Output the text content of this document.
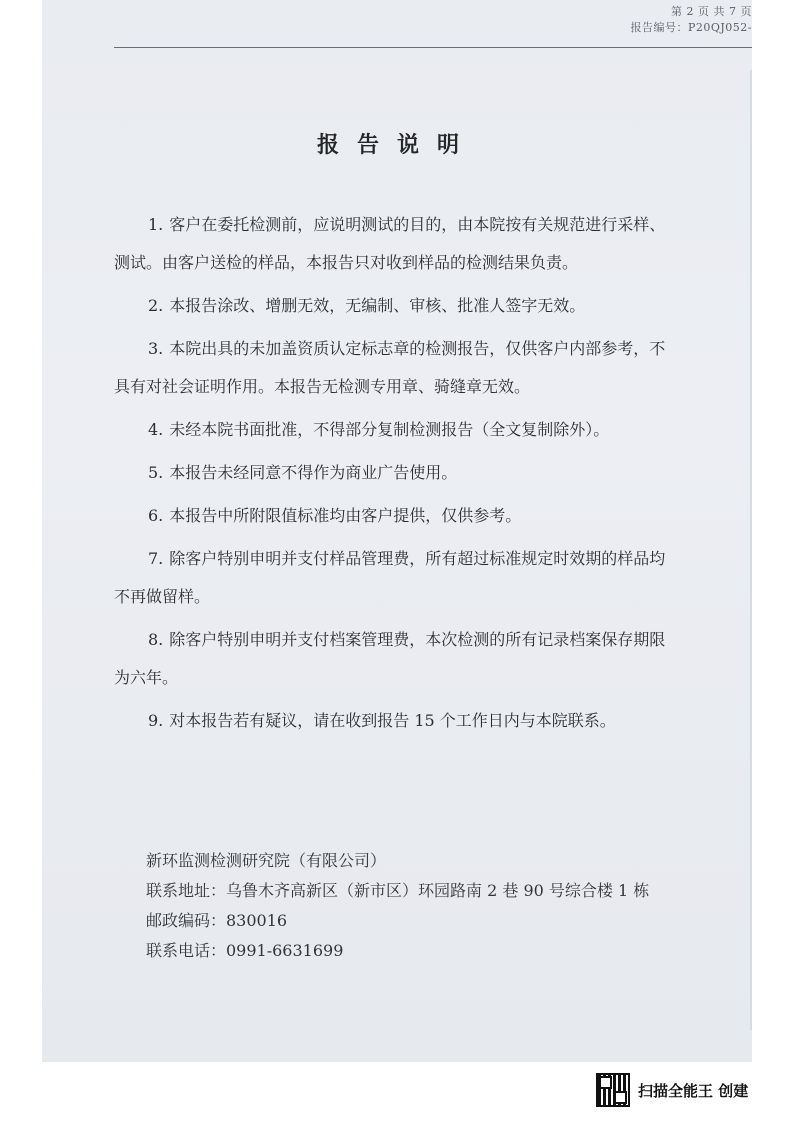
第 2 页 共 7 页
报告编号：P20QJ052-
报告说明
1. 客户在委托检测前，应说明测试的目的，由本院按有关规范进行采样、
测试。由客户送检的样品，本报告只对收到样品的检测结果负责。
2. 本报告涂改、增删无效，无编制、审核、批准人签字无效。
3. 本院出具的未加盖资质认定标志章的检测报告，仅供客户内部参考，不
具有对社会证明作用。本报告无检测专用章、骑缝章无效。
4. 未经本院书面批准，不得部分复制检测报告（全文复制除外）。
5. 本报告未经同意不得作为商业广告使用。
6. 本报告中所附限值标准均由客户提供，仅供参考。
7. 除客户特别申明并支付样品管理费，所有超过标准规定时效期的样品均
不再做留样。
8. 除客户特别申明并支付档案管理费，本次检测的所有记录档案保存期限
为六年。
9. 对本报告若有疑议，请在收到报告 15 个工作日内与本院联系。
新环监测检测研究院（有限公司）
联系地址：乌鲁木齐高新区（新市区）环园路南 2 巷 90 号综合楼 1 栋
邮政编码：830016
联系电话：0991-6631699
扫描全能王 创建
